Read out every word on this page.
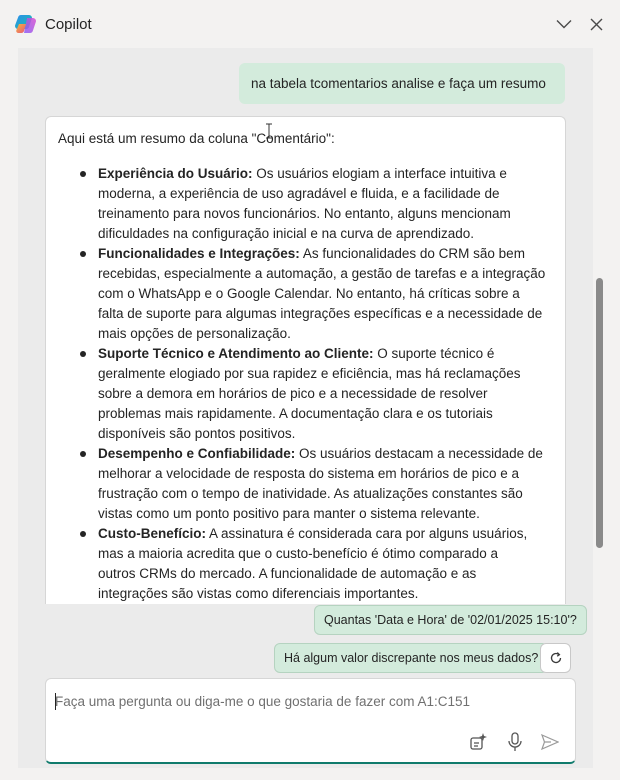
Copilot
na tabela tcomentarios analise e faça um resumo
Aqui está um resumo da coluna "Comentário":
Experiência do Usuário: Os usuários elogiam a interface intuitiva e
moderna, a experiência de uso agradável e fluida, e a facilidade de
treinamento para novos funcionários. No entanto, alguns mencionam
dificuldades na configuração inicial e na curva de aprendizado.
Funcionalidades e Integrações: As funcionalidades do CRM são bem
recebidas, especialmente a automação, a gestão de tarefas e a integração
com o WhatsApp e o Google Calendar. No entanto, há críticas sobre a
falta de suporte para algumas integrações específicas e a necessidade de
mais opções de personalização.
Suporte Técnico e Atendimento ao Cliente: O suporte técnico é
geralmente elogiado por sua rapidez e eficiência, mas há reclamações
sobre a demora em horários de pico e a necessidade de resolver
problemas mais rapidamente. A documentação clara e os tutoriais
disponíveis são pontos positivos.
Desempenho e Confiabilidade: Os usuários destacam a necessidade de
melhorar a velocidade de resposta do sistema em horários de pico e a
frustração com o tempo de inatividade. As atualizações constantes são
vistas como um ponto positivo para manter o sistema relevante.
Custo-Benefício: A assinatura é considerada cara por alguns usuários,
mas a maioria acredita que o custo-benefício é ótimo comparado a
outros CRMs do mercado. A funcionalidade de automação e as
integrações são vistas como diferenciais importantes.
Quantas 'Data e Hora' de '02/01/2025 15:10'?
Há algum valor discrepante nos meus dados?
Faça uma pergunta ou diga-me o que gostaria de fazer com A1:C151
